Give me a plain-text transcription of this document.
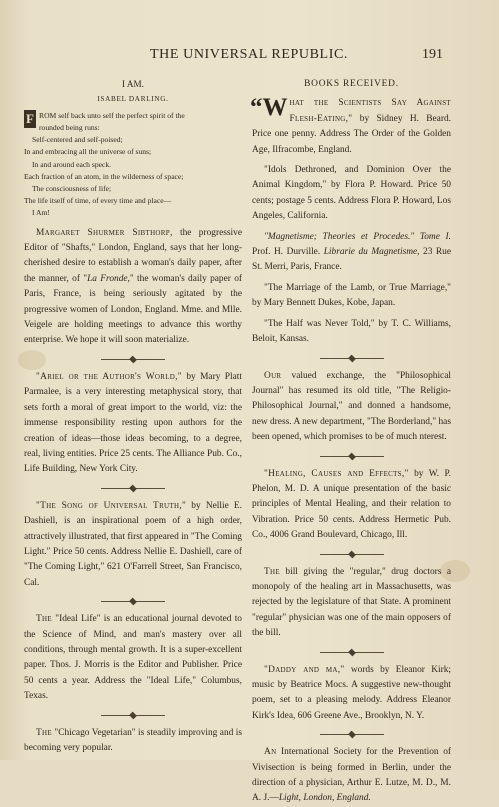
THE UNIVERSAL REPUBLIC.	191

I AM.

ISABEL DARLING.

F ROM self back unto self the perfect spirit of the
rounded being runs:
Self-centered and self-poised;
In and embracing all the universe of suns;
In and around each speck.
Each fraction of an atom, in the wilderness of space;
The consciousness of life;
The life itself of time, of every time and place—
I Am!

Margaret Shurmer Sibthorp, the progressive Editor of "Shafts," London, England, says that her long-cherished desire to establish a woman's daily paper, after the manner, of "La Fronde," the woman's daily paper of Paris, France, is being seriously agitated by the progressive women of London, England. Mme. and Mlle. Veigele are holding meetings to advance this worthy enterprise. We hope it will soon materialize.

"Ariel or the Author's World," by Mary Platt Parmalee, is a very interesting metaphysical story, that sets forth a moral of great import to the world, viz: the immense responsibility resting upon authors for the creation of ideas—those ideas becoming, to a degree, real, living entities. Price 25 cents. The Alliance Pub. Co., Life Building, New York City.

"The Song of Universal Truth," by Nellie E. Dashiell, is an inspirational poem of a high order, attractively illustrated, that first appeared in "The Coming Light." Price 50 cents. Address Nellie E. Dashiell, care of "The Coming Light," 621 O'Farrell Street, San Francisco, Cal.

The "Ideal Life" is an educational journal devoted to the Science of Mind, and man's mastery over all conditions, through mental growth. It is a super-excellent paper. Thos. J. Morris is the Editor and Publisher. Price 50 cents a year. Address the "Ideal Life," Columbus, Texas.

The "Chicago Vegetarian" is steadily improving and is becoming very popular.

BOOKS RECEIVED.

“W hat the Scientists Say Against Flesh-Eating," by Sidney H. Beard. Price one penny. Address The Order of the Golden Age, Ilfracombe, England.

"Idols Dethroned, and Dominion Over the Animal Kingdom," by Flora P. Howard. Price 50 cents; postage 5 cents. Address Flora P. Howard, Los Angeles, California.

"Magnetisme; Theories et Procedes." Tome I. Prof. H. Durville. Librarie du Magnetisme, 23 Rue St. Merri, Paris, France.

"The Marriage of the Lamb, or True Marriage," by Mary Bennett Dukes, Kobe, Japan.

"The Half was Never Told," by T. C. Williams, Beloit, Kansas.

Our valued exchange, the "Philosophical Journal" has resumed its old title, "The Religio-Philosophical Journal," and donned a handsome, new dress. A new department, "The Borderland," has been opened, which promises to be of much nterest.

"Healing, Causes and Effects," by W. P. Phelon, M. D. A unique presentation of the basic principles of Mental Healing, and their relation to Vibration. Price 50 cents. Address Hermetic Pub. Co., 4006 Grand Boulevard, Chicago, Ill.

The bill giving the "regular," drug doctors a monopoly of the healing art in Massachusetts, was rejected by the legislature of that State. A prominent "regular" physician was one of the main opposers of the bill.

"Daddy and ma," words by Eleanor Kirk; music by Beatrice Mocs. A suggestive new-thought poem, set to a pleasing melody. Address Eleanor Kirk's Idea, 606 Greene Ave., Brooklyn, N. Y.

An International Society for the Prevention of Vivisection is being formed in Berlin, under the direction of a physician, Arthur E. Lutze, M. D., M. A. J.—Light, London, England.
